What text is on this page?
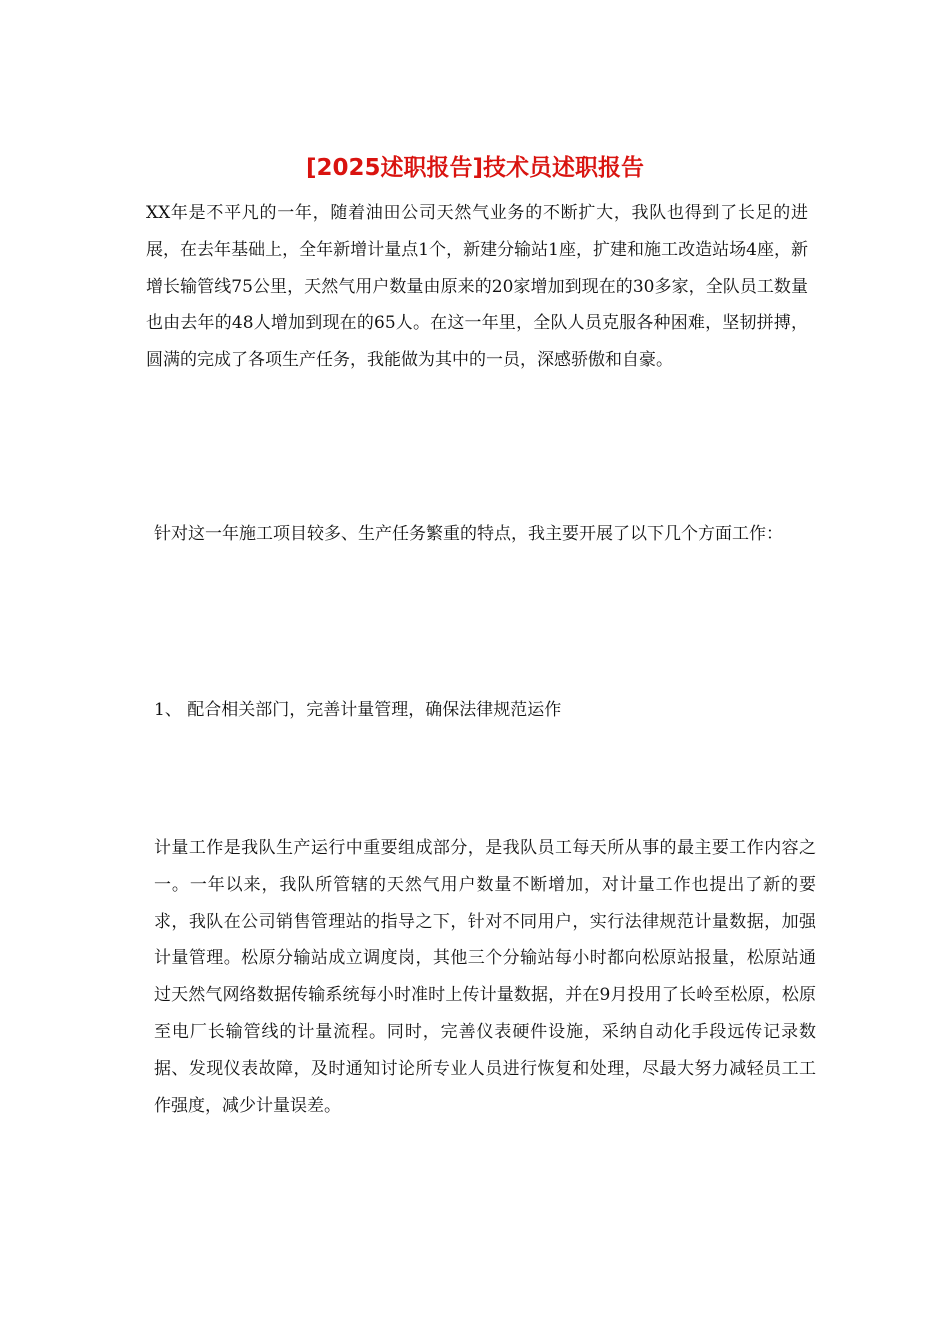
[2025述职报告]技术员述职报告

XX年是不平凡的一年，随着油田公司天然气业务的不断扩大，我队也得到了长足的进展，在去年基础上，全年新增计量点1个，新建分输站1座，扩建和施工改造站场4座，新增长输管线75公里，天然气用户数量由原来的20家增加到现在的30多家，全队员工数量也由去年的48人增加到现在的65人。在这一年里，全队人员克服各种困难，坚韧拼搏，圆满的完成了各项生产任务，我能做为其中的一员，深感骄傲和自豪。

针对这一年施工项目较多、生产任务繁重的特点，我主要开展了以下几个方面工作：

1、 配合相关部门，完善计量管理，确保法律规范运作

计量工作是我队生产运行中重要组成部分，是我队员工每天所从事的最主要工作内容之一。一年以来，我队所管辖的天然气用户数量不断增加，对计量工作也提出了新的要求，我队在公司销售管理站的指导之下，针对不同用户，实行法律规范计量数据，加强计量管理。松原分输站成立调度岗，其他三个分输站每小时都向松原站报量，松原站通过天然气网络数据传输系统每小时准时上传计量数据，并在9月投用了长岭至松原，松原至电厂长输管线的计量流程。同时，完善仪表硬件设施，采纳自动化手段远传记录数据、发现仪表故障，及时通知讨论所专业人员进行恢复和处理，尽最大努力减轻员工工作强度，减少计量误差。
